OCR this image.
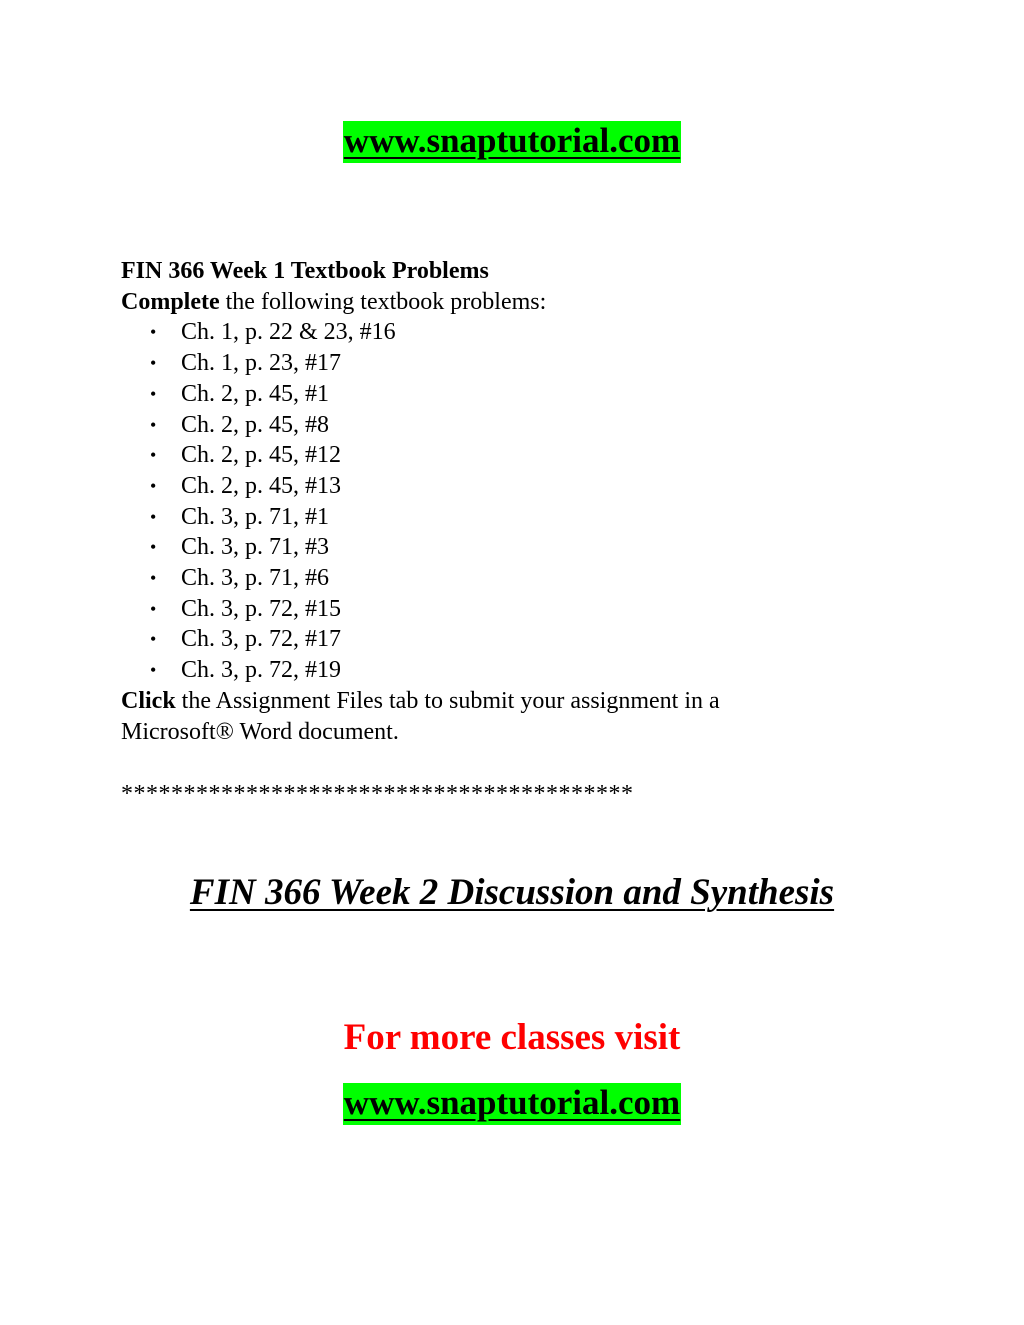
www.snaptutorial.com
FIN 366 Week 1 Textbook Problems
Complete the following textbook problems:
• Ch. 1, p. 22 & 23, #16
• Ch. 1, p. 23, #17
• Ch. 2, p. 45, #1
• Ch. 2, p. 45, #8
• Ch. 2, p. 45, #12
• Ch. 2, p. 45, #13
• Ch. 3, p. 71, #1
• Ch. 3, p. 71, #3
• Ch. 3, p. 71, #6
• Ch. 3, p. 72, #15
• Ch. 3, p. 72, #17
• Ch. 3, p. 72, #19
Click the Assignment Files tab to submit your assignment in a
Microsoft® Word document.
*****************************************
FIN 366 Week 2 Discussion and Synthesis
For more classes visit
www.snaptutorial.com
